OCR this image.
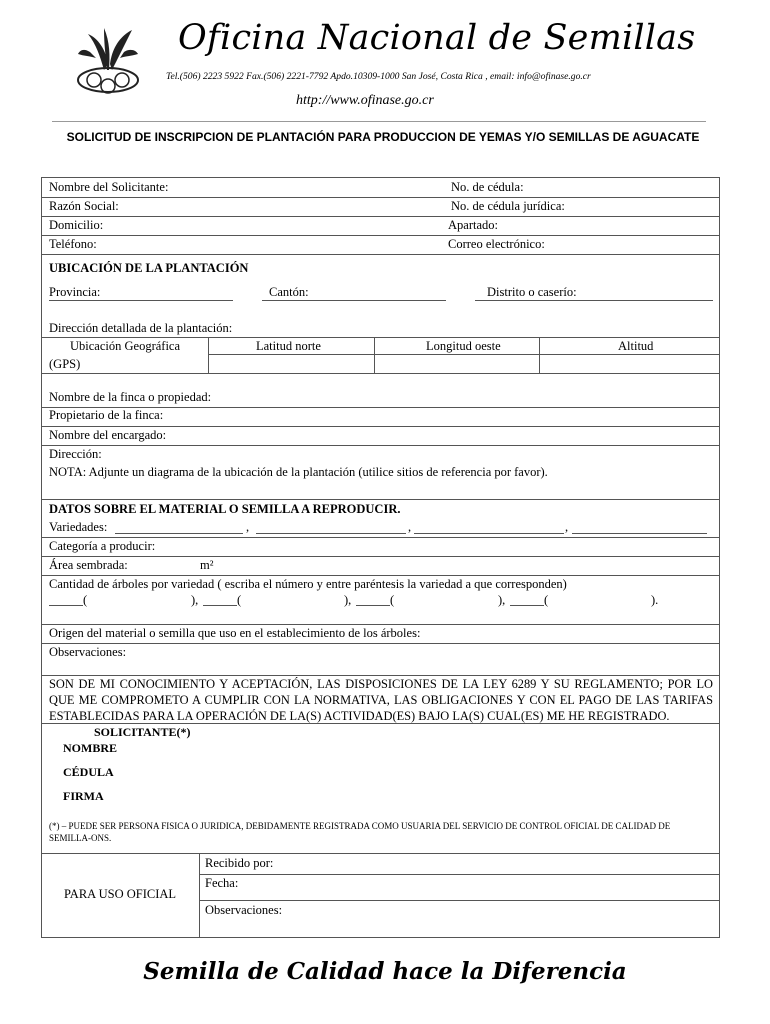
Oficina Nacional de Semillas
Tel.(506) 2223 5922 Fax.(506) 2221-7792 Apdo.10309-1000 San José, Costa Rica , email: info@ofinase.go.cr
http://www.ofinase.go.cr
SOLICITUD DE INSCRIPCION DE PLANTACIÓN PARA PRODUCCION DE YEMAS Y/O SEMILLAS DE AGUACATE
Nombre del Solicitante:	No. de cédula:
Razón Social:	No. de cédula jurídica:
Domicilio:	Apartado:
Teléfono:	Correo electrónico:
UBICACIÓN DE LA PLANTACIÓN
Provincia:	Cantón:	Distrito o caserío:
Dirección detallada de la plantación:
Ubicación Geográfica
(GPS)
Latitud norte	Longitud oeste	Altitud
Nombre de la finca o propiedad:
Propietario de la finca:
Nombre del encargado:
Dirección:
NOTA: Adjunte un diagrama de la ubicación de la plantación (utilice sitios de referencia por favor).
DATOS SOBRE EL MATERIAL O SEMILLA A REPRODUCIR.
Variedades:	,	,	,
Categoría a producir:
Área sembrada:	m²
Cantidad de árboles por variedad ( escriba el número y entre paréntesis la variedad a que corresponden)
(	),	(	),	(	),	(	).
Origen del material o semilla que uso en el establecimiento de los árboles:
Observaciones:
SON DE MI CONOCIMIENTO Y ACEPTACIÓN, LAS DISPOSICIONES DE LA LEY 6289 Y SU REGLAMENTO; POR LO QUE ME COMPROMETO A CUMPLIR CON LA NORMATIVA, LAS OBLIGACIONES Y CON EL PAGO DE LAS TARIFAS ESTABLECIDAS PARA LA OPERACIÓN DE LA(S) ACTIVIDAD(ES) BAJO LA(S) CUAL(ES) ME HE REGISTRADO.
SOLICITANTE(*)
NOMBRE
CÉDULA
FIRMA
(*) – PUEDE SER PERSONA FISICA O JURIDICA, DEBIDAMENTE REGISTRADA COMO USUARIA DEL SERVICIO DE CONTROL OFICIAL DE CALIDAD DE SEMILLA-ONS.
PARA USO OFICIAL
Recibido por:
Fecha:
Observaciones:
Semilla de Calidad hace la Diferencia
